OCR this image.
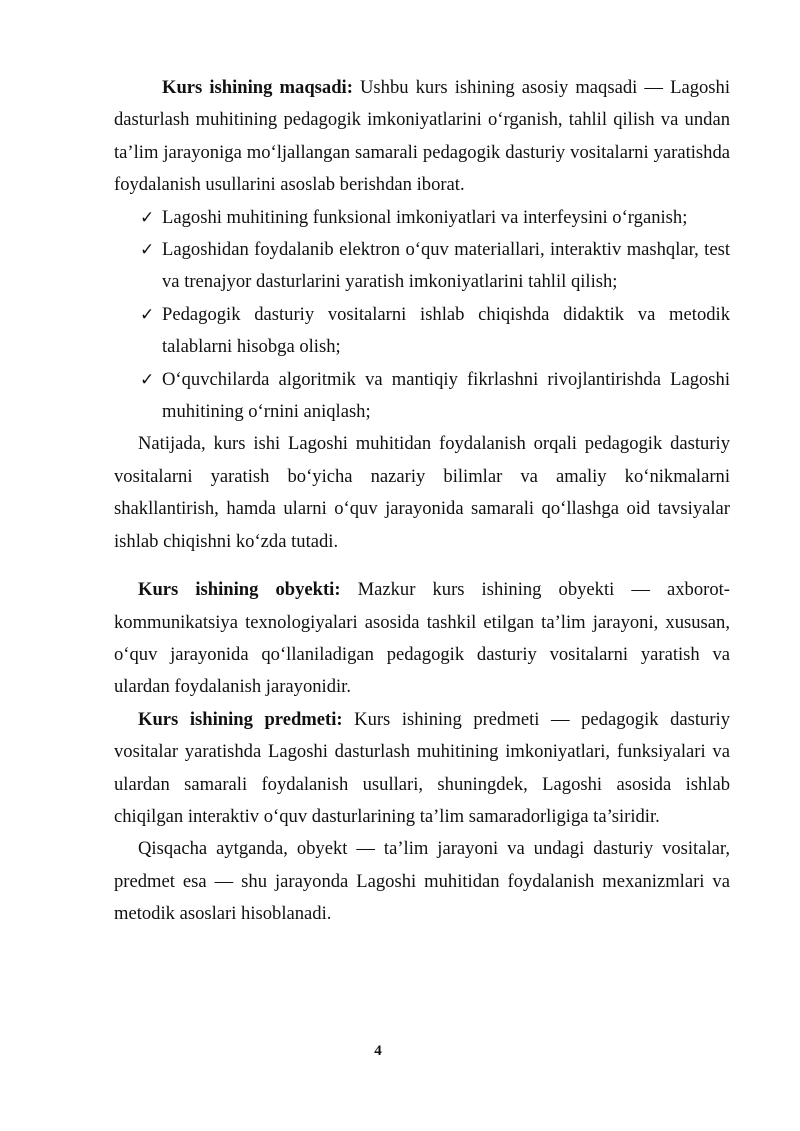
Kurs ishining maqsadi: Ushbu kurs ishining asosiy maqsadi — Lagoshi dasturlash muhitining pedagogik imkoniyatlarini o‘rganish, tahlil qilish va undan ta’lim jarayoniga mo‘ljallangan samarali pedagogik dasturiy vositalarni yaratishda foydalanish usullarini asoslab berishdan iborat.

✓ Lagoshi muhitining funksional imkoniyatlari va interfeysini o‘rganish;
✓ Lagoshidan foydalanib elektron o‘quv materiallari, interaktiv mashqlar, test va trenajyor dasturlarini yaratish imkoniyatlarini tahlil qilish;
✓ Pedagogik dasturiy vositalarni ishlab chiqishda didaktik va metodik talablarni hisobga olish;
✓ O‘quvchilarda algoritmik va mantiqiy fikrlashni rivojlantirishda Lagoshi muhitining o‘rnini aniqlash;

Natijada, kurs ishi Lagoshi muhitidan foydalanish orqali pedagogik dasturiy vositalarni yaratish bo‘yicha nazariy bilimlar va amaliy ko‘nikmalarni shakllantirish, hamda ularni o‘quv jarayonida samarali qo‘llashga oid tavsiyalar ishlab chiqishni ko‘zda tutadi.

Kurs ishining obyekti: Mazkur kurs ishining obyekti — axborot-kommunikatsiya texnologiyalari asosida tashkil etilgan ta’lim jarayoni, xususan, o‘quv jarayonida qo‘llaniladigan pedagogik dasturiy vositalarni yaratish va ulardan foydalanish jarayonidir.

Kurs ishining predmeti: Kurs ishining predmeti — pedagogik dasturiy vositalar yaratishda Lagoshi dasturlash muhitining imkoniyatlari, funksiyalari va ulardan samarali foydalanish usullari, shuningdek, Lagoshi asosida ishlab chiqilgan interaktiv o‘quv dasturlarining ta’lim samaradorligiga ta’siridir.

Qisqacha aytganda, obyekt — ta’lim jarayoni va undagi dasturiy vositalar, predmet esa — shu jarayonda Lagoshi muhitidan foydalanish mexanizmlari va metodik asoslari hisoblanadi.

4
